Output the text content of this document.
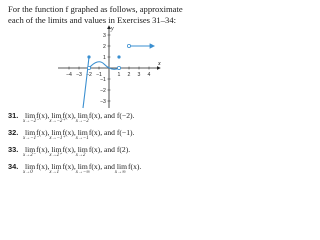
For the function f graphed as follows, approximate each of the limits and values in Exercises 31–34:
x
y
−4 −3 −2 −1	1 2 3 4
3
2
1
−1
−2
−3
31. lim
x→−2⁻
f(x), lim
x→−2⁺
f(x), lim
x→−2
f(x), and f(−2).
32. lim
x→−1⁻
f(x), lim
x→−1⁺
f(x), lim
x→−1
f(x), and f(−1).
33. lim
x→2⁻
f(x), lim
x→2⁺
f(x), lim
x→2
f(x), and f(2).
34. lim
x→0
f(x), lim
x→1
f(x), lim
x→−∞
f(x), and lim
x→∞
f(x).
